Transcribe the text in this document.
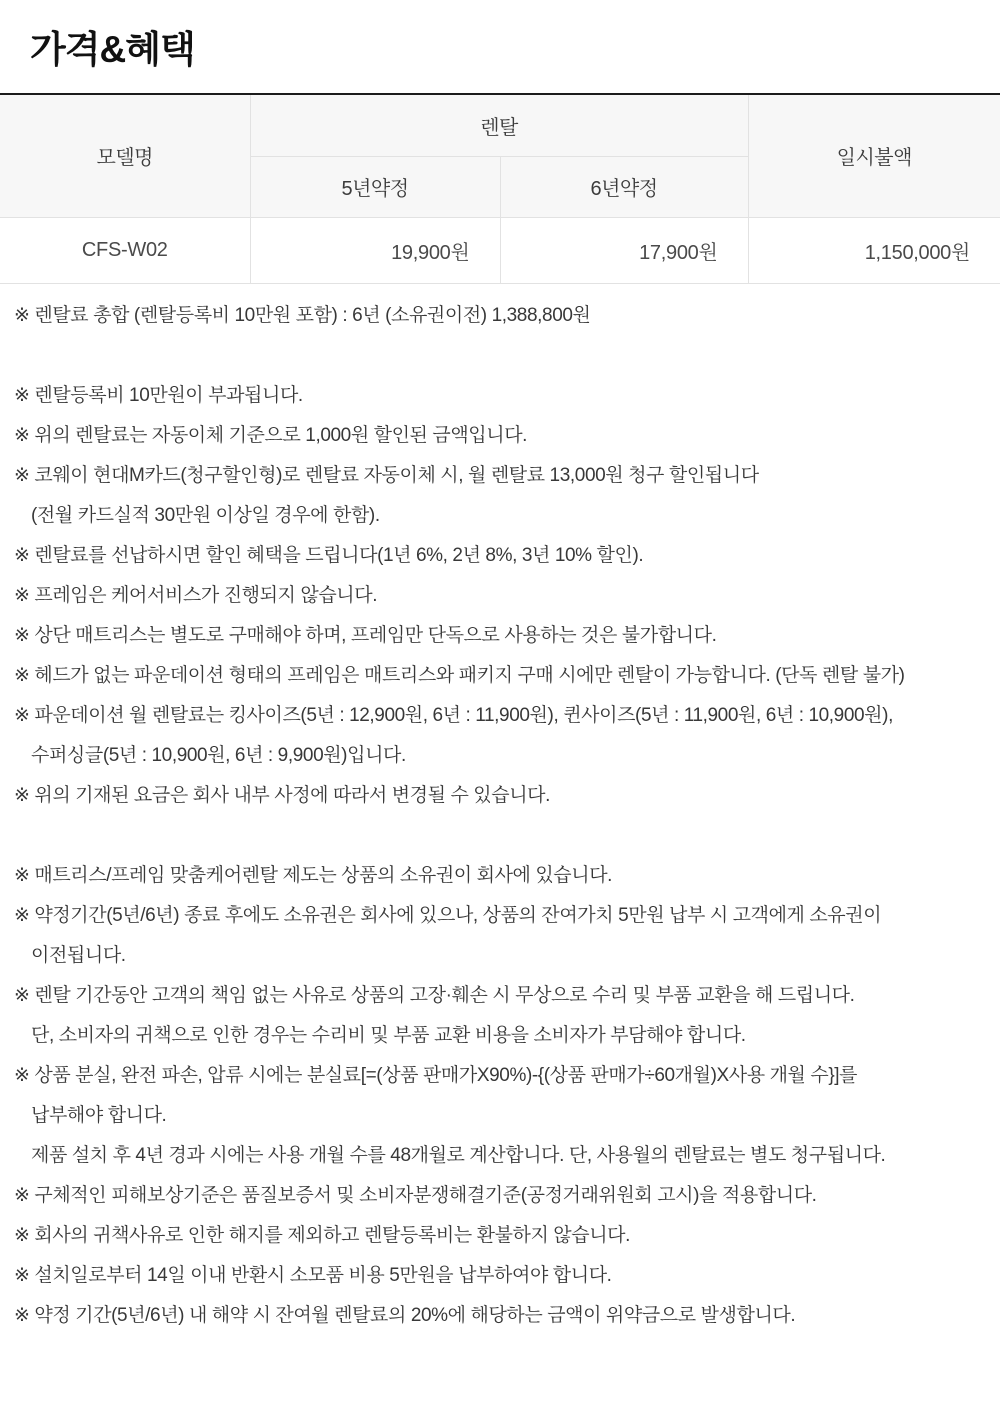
가격&혜택
모델명	렌탈		일시불액
	5년약정	6년약정	
CFS-W02	19,900원	17,900원	1,150,000원
※ 렌탈료 총합 (렌탈등록비 10만원 포함) : 6년 (소유권이전) 1,388,800원
※ 렌탈등록비 10만원이 부과됩니다.
※ 위의 렌탈료는 자동이체 기준으로 1,000원 할인된 금액입니다.
※ 코웨이 현대M카드(청구할인형)로 렌탈료 자동이체 시, 월 렌탈료 13,000원 청구 할인됩니다
(전월 카드실적 30만원 이상일 경우에 한함).
※ 렌탈료를 선납하시면 할인 혜택을 드립니다(1년 6%, 2년 8%, 3년 10% 할인).
※ 프레임은 케어서비스가 진행되지 않습니다.
※ 상단 매트리스는 별도로 구매해야 하며, 프레임만 단독으로 사용하는 것은 불가합니다.
※ 헤드가 없는 파운데이션 형태의 프레임은 매트리스와 패키지 구매 시에만 렌탈이 가능합니다. (단독 렌탈 불가)
※ 파운데이션 월 렌탈료는 킹사이즈(5년 : 12,900원, 6년 : 11,900원), 퀸사이즈(5년 : 11,900원, 6년 : 10,900원),
수퍼싱글(5년 : 10,900원, 6년 : 9,900원)입니다.
※ 위의 기재된 요금은 회사 내부 사정에 따라서 변경될 수 있습니다.
※ 매트리스/프레임 맞춤케어렌탈 제도는 상품의 소유권이 회사에 있습니다.
※ 약정기간(5년/6년) 종료 후에도 소유권은 회사에 있으나, 상품의 잔여가치 5만원 납부 시 고객에게 소유권이
이전됩니다.
※ 렌탈 기간동안 고객의 책임 없는 사유로 상품의 고장·훼손 시 무상으로 수리 및 부품 교환을 해 드립니다.
단, 소비자의 귀책으로 인한 경우는 수리비 및 부품 교환 비용을 소비자가 부담해야 합니다.
※ 상품 분실, 완전 파손, 압류 시에는 분실료[=(상품 판매가X90%)-{(상품 판매가÷60개월)X사용 개월 수}]를
납부해야 합니다.
제품 설치 후 4년 경과 시에는 사용 개월 수를 48개월로 계산합니다. 단, 사용월의 렌탈료는 별도 청구됩니다.
※ 구체적인 피해보상기준은 품질보증서 및 소비자분쟁해결기준(공정거래위원회 고시)을 적용합니다.
※ 회사의 귀책사유로 인한 해지를 제외하고 렌탈등록비는 환불하지 않습니다.
※ 설치일로부터 14일 이내 반환시 소모품 비용 5만원을 납부하여야 합니다.
※ 약정 기간(5년/6년) 내 해약 시 잔여월 렌탈료의 20%에 해당하는 금액이 위약금으로 발생합니다.
